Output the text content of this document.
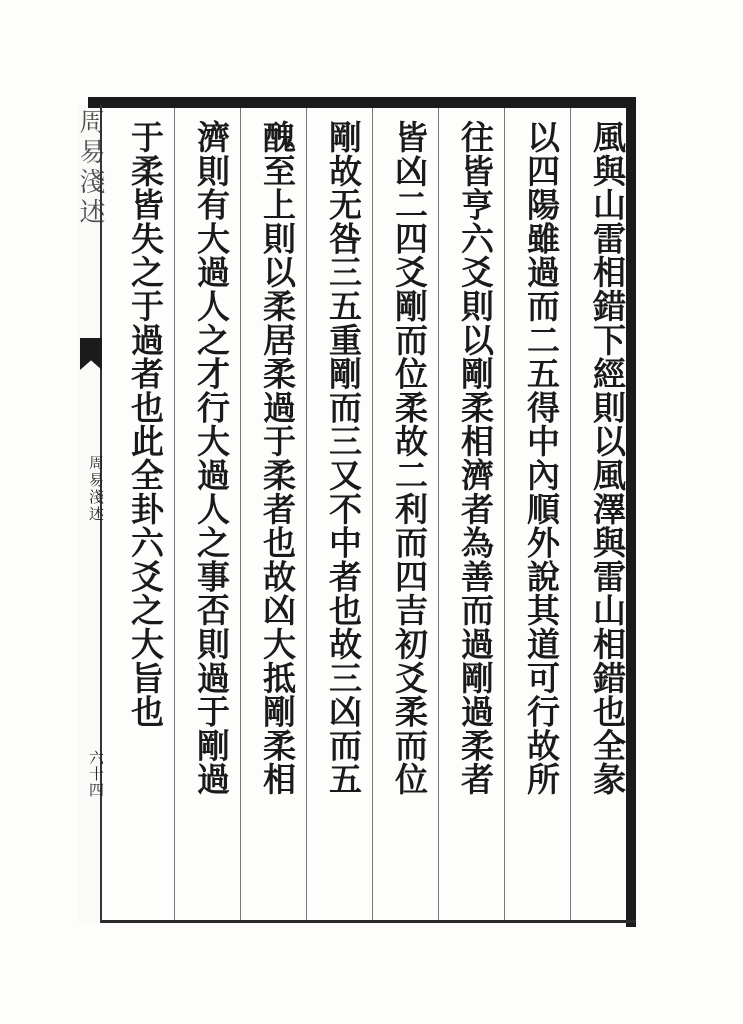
周易淺述
周易淺述
六十四	風與山雷相錯下經則以風澤與雷山相錯也全彖
以四陽雖過而二五得中內順外說其道可行故所
往皆亨六爻則以剛柔相濟者為善而過剛過柔者
皆凶二四爻剛而位柔故二利而四吉初爻柔而位
剛故无咎三五重剛而三又不中者也故三凶而五
醜至上則以柔居柔過于柔者也故凶大抵剛柔相
濟則有大過人之才行大過人之事否則過于剛過
于柔皆失之于過者也此全卦六爻之大旨也
